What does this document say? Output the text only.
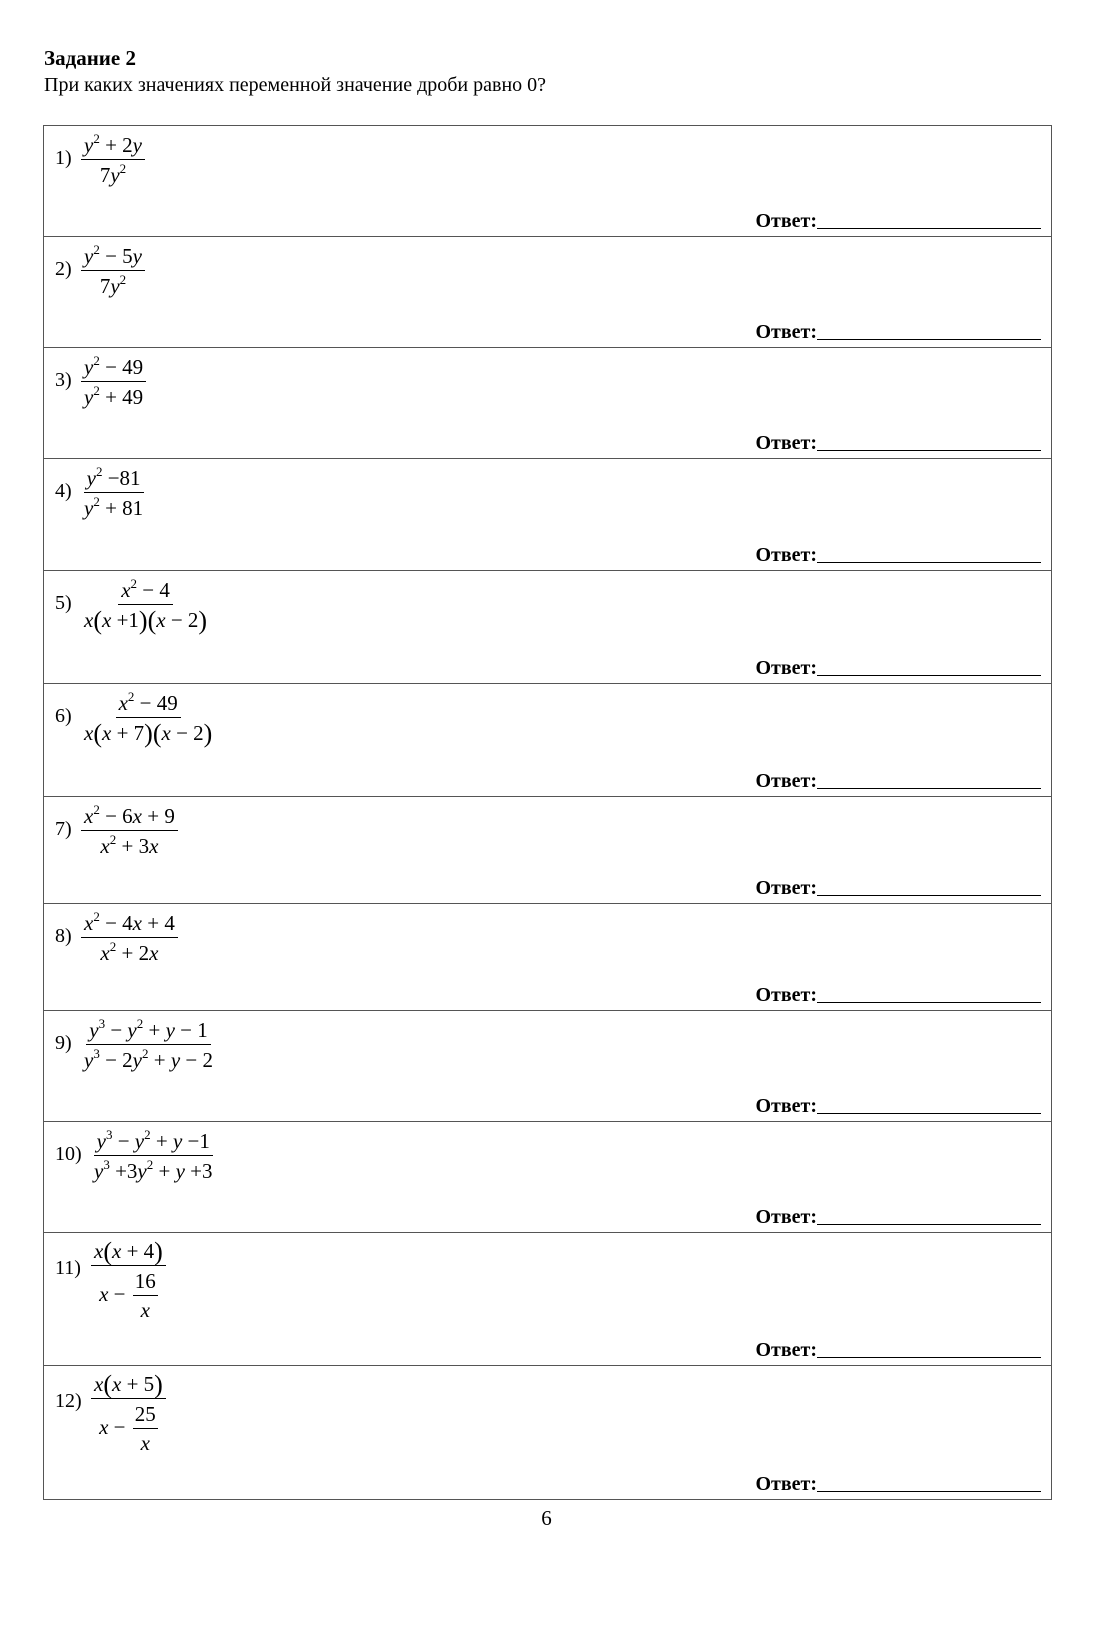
Задание 2
При каких значениях переменной значение дроби равно 0?
$1) \frac{y^2 + 2y}{7y^2}$
Ответ:
$2) \frac{y^2 - 5y}{7y^2}$
Ответ:
$3) \frac{y^2 - 49}{y^2 + 49}$
Ответ:
$4) \frac{y^2 -81}{y^2 + 81}$
Ответ:
$5) \frac{x^2 - 4}{x(x +1)(x - 2)}$
Ответ:
$6) \frac{x^2 - 49}{x(x + 7)(x - 2)}$
Ответ:
$7) \frac{x^2 - 6x + 9}{x^2 + 3x}$
Ответ:
$8) \frac{x^2 - 4x + 4}{x^2 + 2x}$
Ответ:
$9) \frac{y^3 - y^2 + y - 1}{y^3 - 2y^2 + y - 2}$
Ответ:
$10) \frac{y^3 - y^2 + y -1}{y^3 +3y^2 + y +3}$
Ответ:
$11) \frac{x(x + 4)}{x - \frac{16}{x}}$
Ответ:
$12) \frac{x(x + 5)}{x - \frac{25}{x}}$
Ответ:
6
